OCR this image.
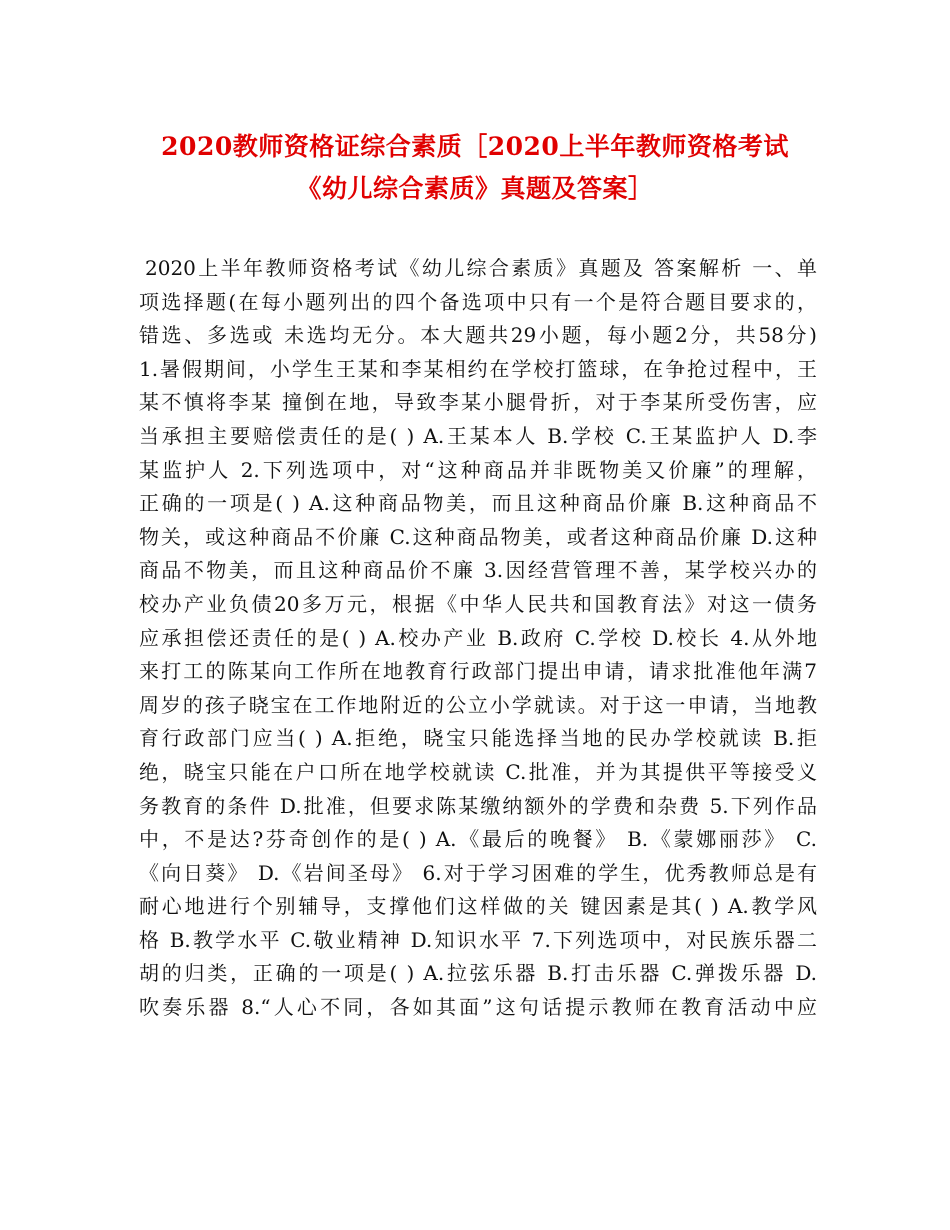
2020教师资格证综合素质［2020上半年教师资格考试
《幼儿综合素质》真题及答案］
2020上半年教师资格考试《幼儿综合素质》真题及 答案解析 一、单
项选择题(在每小题列出的四个备选项中只有一个是符合题目要求的，
错选、多选或 未选均无分。本大题共29小题，每小题2分，共58分)
1.暑假期间，小学生王某和李某相约在学校打篮球，在争抢过程中，王
某不慎将李某 撞倒在地，导致李某小腿骨折，对于李某所受伤害，应
当承担主要赔偿责任的是( ) A.王某本人 B.学校 C.王某监护人 D.李
某监护人 2.下列选项中，对“这种商品并非既物美又价廉”的理解，
正确的一项是( ) A.这种商品物美，而且这种商品价廉 B.这种商品不
物关，或这种商品不价廉 C.这种商品物美，或者这种商品价廉 D.这种
商品不物美，而且这种商品价不廉 3.因经营管理不善，某学校兴办的
校办产业负债20多万元，根据《中华人民共和国教育法》对这一债务
应承担偿还责任的是( ) A.校办产业 B.政府 C.学校 D.校长 4.从外地
来打工的陈某向工作所在地教育行政部门提出申请，请求批准他年满7
周岁的孩子晓宝在工作地附近的公立小学就读。对于这一申请，当地教
育行政部门应当( ) A.拒绝，晓宝只能选择当地的民办学校就读 B.拒
绝，晓宝只能在户口所在地学校就读 C.批准，并为其提供平等接受义
务教育的条件 D.批准，但要求陈某缴纳额外的学费和杂费 5.下列作品
中，不是达?芬奇创作的是( ) A.《最后的晚餐》 B.《蒙娜丽莎》 C.
《向日葵》 D.《岩间圣母》 6.对于学习困难的学生，优秀教师总是有
耐心地进行个别辅导，支撑他们这样做的关 键因素是其( ) A.教学风
格 B.教学水平 C.敬业精神 D.知识水平 7.下列选项中，对民族乐器二
胡的归类，正确的一项是( ) A.拉弦乐器 B.打击乐器 C.弹拨乐器 D.
吹奏乐器 8.“人心不同，各如其面”这句话提示教师在教育活动中应
